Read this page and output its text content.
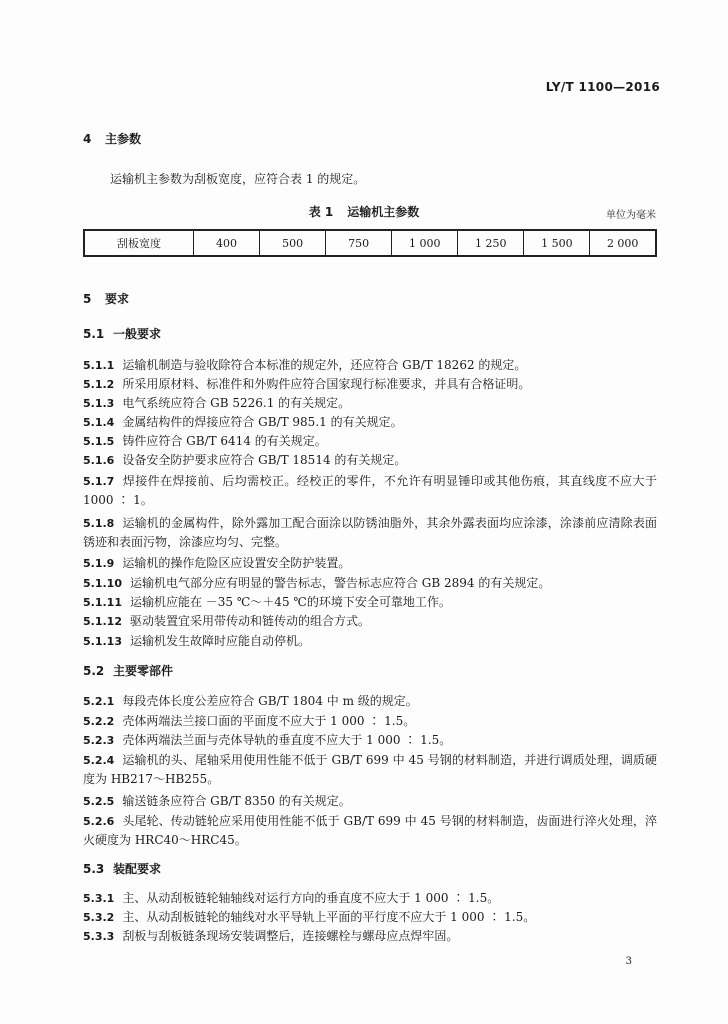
LY/T 1100—2016
4 主参数
运输机主参数为刮板宽度，应符合表 1 的规定。
表 1 运输机主参数	单位为毫米
刮板宽度	400	500	750	1 000	1 250	1 500	2 000
5 要求
5.1 一般要求
5.1.1 运输机制造与验收除符合本标准的规定外，还应符合 GB/T 18262 的规定。
5.1.2 所采用原材料、标准件和外购件应符合国家现行标准要求，并具有合格证明。
5.1.3 电气系统应符合 GB 5226.1 的有关规定。
5.1.4 金属结构件的焊接应符合 GB/T 985.1 的有关规定。
5.1.5 铸件应符合 GB/T 6414 的有关规定。
5.1.6 设备安全防护要求应符合 GB/T 18514 的有关规定。
5.1.7 焊接件在焊接前、后均需校正。经校正的零件，不允许有明显锤印或其他伤痕，其直线度不应大于 1000 ∶ 1。
5.1.8 运输机的金属构件，除外露加工配合面涂以防锈油脂外，其余外露表面均应涂漆，涂漆前应清除表面锈迹和表面污物，涂漆应均匀、完整。
5.1.9 运输机的操作危险区应设置安全防护装置。
5.1.10 运输机电气部分应有明显的警告标志，警告标志应符合 GB 2894 的有关规定。
5.1.11 运输机应能在 －35 ℃～＋45 ℃的环境下安全可靠地工作。
5.1.12 驱动装置宜采用带传动和链传动的组合方式。
5.1.13 运输机发生故障时应能自动停机。
5.2 主要零部件
5.2.1 每段壳体长度公差应符合 GB/T 1804 中 m 级的规定。
5.2.2 壳体两端法兰接口面的平面度不应大于 1 000 ∶ 1.5。
5.2.3 壳体两端法兰面与壳体导轨的垂直度不应大于 1 000 ∶ 1.5。
5.2.4 运输机的头、尾轴采用使用性能不低于 GB/T 699 中 45 号钢的材料制造，并进行调质处理，调质硬度为 HB217～HB255。
5.2.5 输送链条应符合 GB/T 8350 的有关规定。
5.2.6 头尾轮、传动链轮应采用使用性能不低于 GB/T 699 中 45 号钢的材料制造，齿面进行淬火处理，淬火硬度为 HRC40～HRC45。
5.3 装配要求
5.3.1 主、从动刮板链轮轴轴线对运行方向的垂直度不应大于 1 000 ∶ 1.5。
5.3.2 主、从动刮板链轮的轴线对水平导轨上平面的平行度不应大于 1 000 ∶ 1.5。
5.3.3 刮板与刮板链条现场安装调整后，连接螺栓与螺母应点焊牢固。
3
